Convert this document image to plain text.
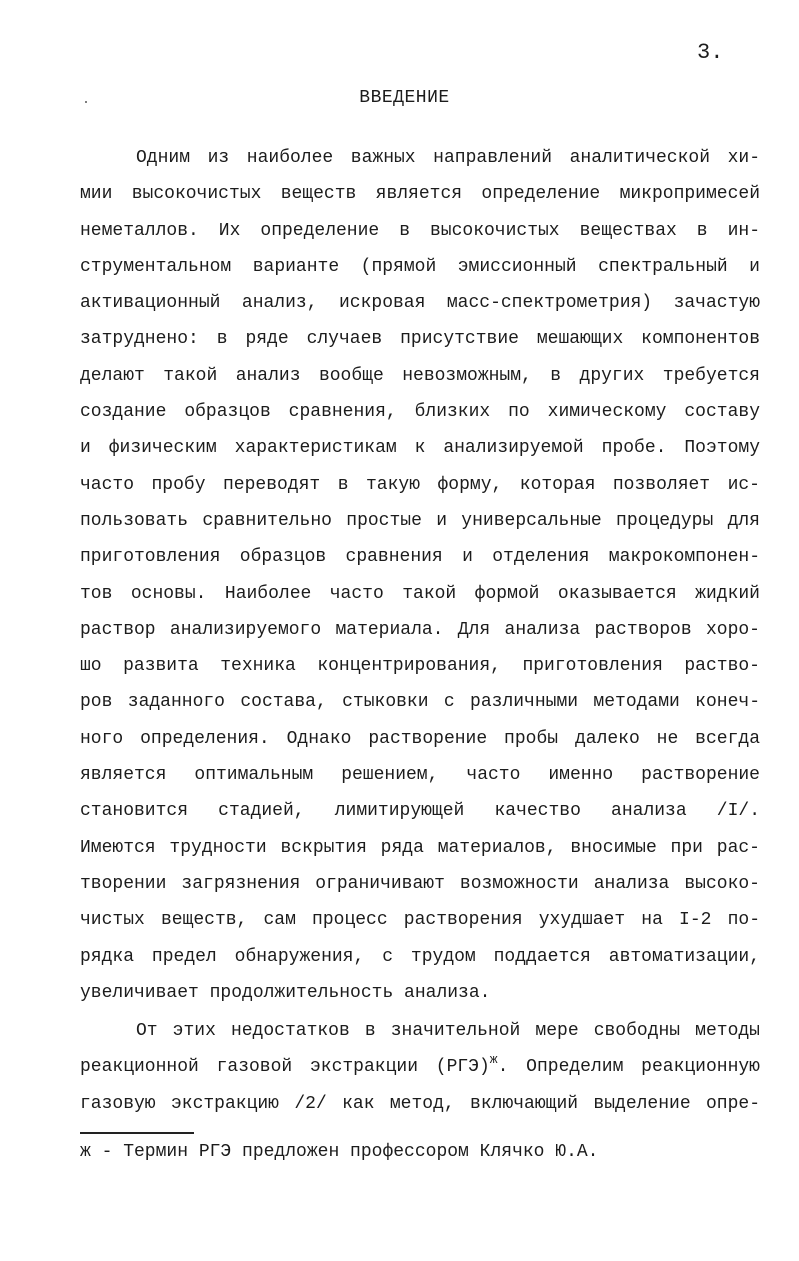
3.
ВВЕДЕНИЕ
Одним из наиболее важных направлений аналитической хи-
мии высокочистых веществ является определение микропримесей
неметаллов. Их определение в высокочистых веществах в ин-
струментальном варианте (прямой эмиссионный спектральный и
активационный анализ, искровая масс-спектрометрия) зачастую
затруднено: в ряде случаев присутствие мешающих компонентов
делают такой анализ вообще невозможным, в других требуется
создание образцов сравнения, близких по химическому составу
и физическим характеристикам к анализируемой пробе. Поэтому
часто пробу переводят в такую форму, которая позволяет ис-
пользовать сравнительно простые и универсальные процедуры для
приготовления образцов сравнения и отделения макрокомпонен-
тов основы. Наиболее часто такой формой оказывается жидкий
раствор анализируемого материала. Для анализа растворов хоро-
шо развита техника концентрирования, приготовления раство-
ров заданного состава, стыковки с различными методами конеч-
ного определения. Однако растворение пробы далеко не всегда
является оптимальным решением, часто именно растворение
становится стадией, лимитирующей качество анализа /I/.
Имеются трудности вскрытия ряда материалов, вносимые при рас-
творении загрязнения ограничивают возможности анализа высоко-
чистых веществ, сам процесс растворения ухудшает на I-2 по-
рядка предел обнаружения, с трудом поддается автоматизации,
увеличивает продолжительность анализа.
От этих недостатков в значительной мере свободны методы
реакционной газовой экстракции (РГЭ)$^ж$. Определим реакционную
газовую экстракцию /2/ как метод, включающий выделение опре-
ж - Термин РГЭ предложен профессором Клячко Ю.А.
